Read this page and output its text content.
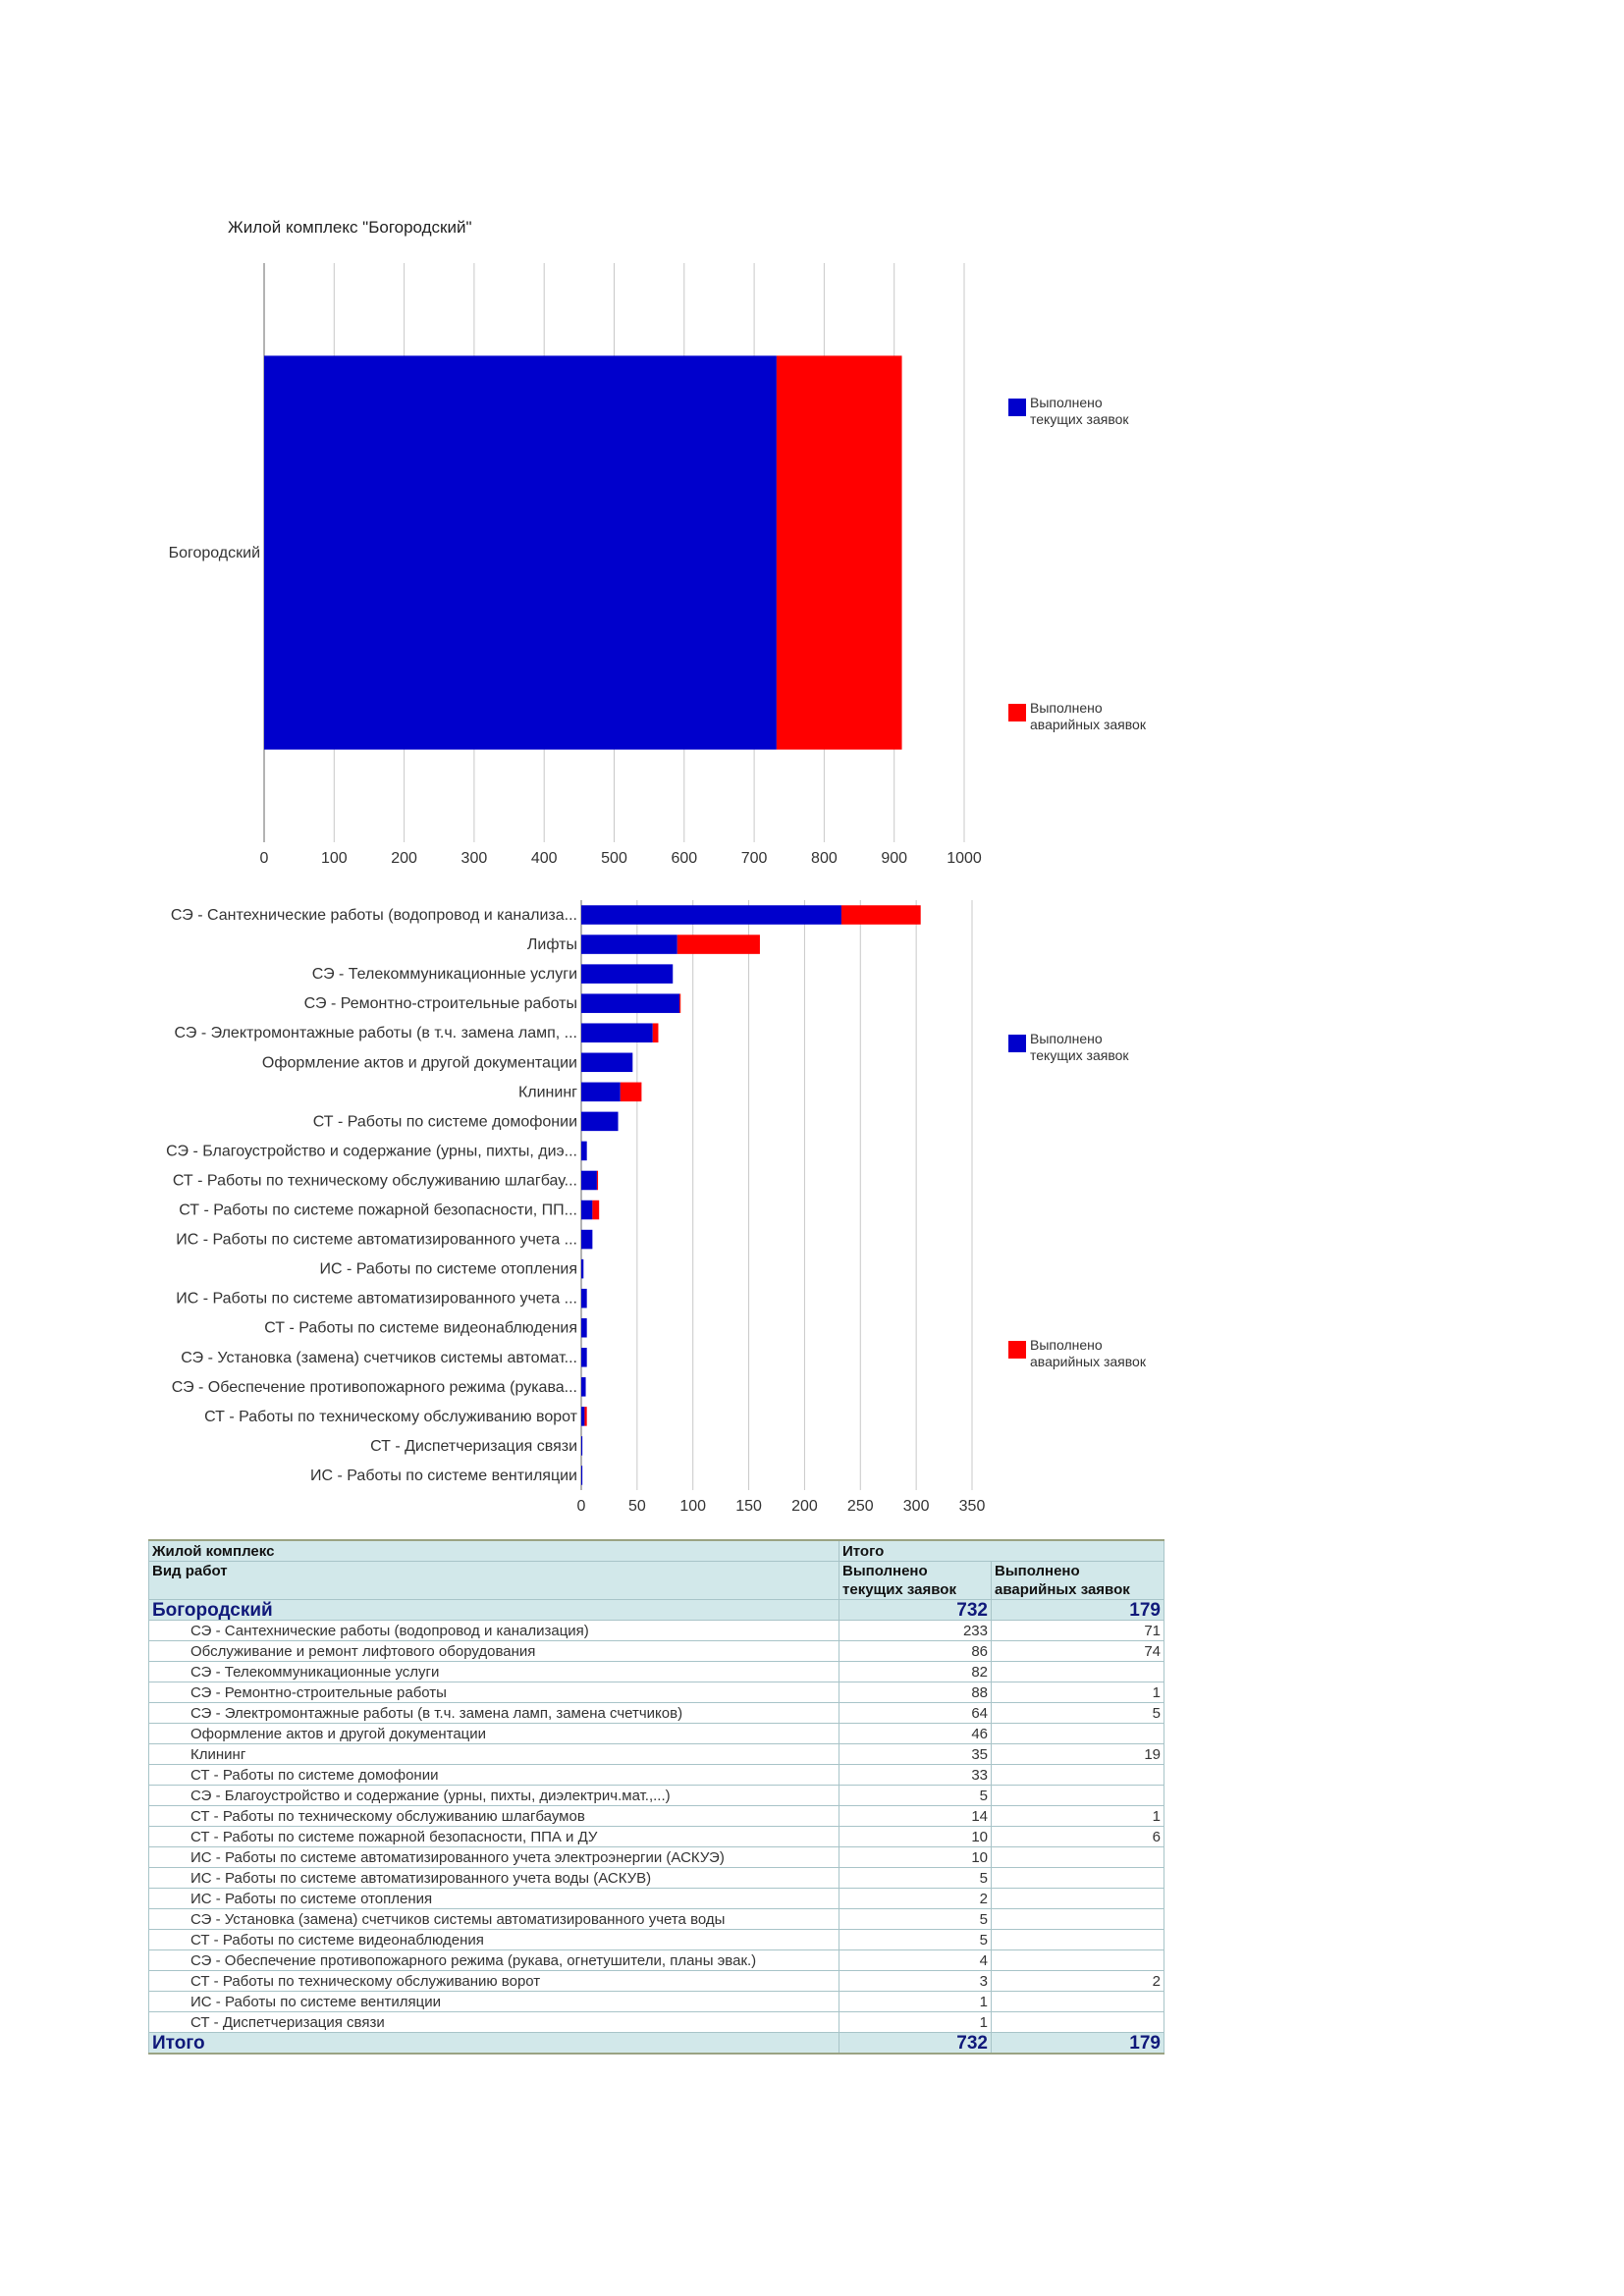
Жилой комплекс "Богородский"
0	100	200	300	400	500	600	700	800	900	1000
Богородский
Выполнено
текущих заявок
Выполнено
аварийных заявок
0	50 100 150 200 250 300 350
СЭ - Сантехнические работы (водопровод и канализа...
Лифты
СЭ - Телекоммуникационные услуги
СЭ - Ремонтно-строительные работы
СЭ - Электромонтажные работы (в т.ч. замена ламп, ...
Оформление актов и другой документации
Клининг
СТ - Работы по системе домофонии
СЭ - Благоустройство и содержание (урны, пихты, диэ...
СТ - Работы по техническому обслуживанию шлагбау...
СТ - Работы по системе пожарной безопасности, ПП...
ИС - Работы по системе автоматизированного учета ...
ИС - Работы по системе отопления
ИС - Работы по системе автоматизированного учета ...
СТ - Работы по системе видеонаблюдения
СЭ - Установка (замена) счетчиков системы автомат...
СЭ - Обеспечение противопожарного режима (рукава...
СТ - Работы по техническому обслуживанию ворот
СТ - Диспетчеризация связи
ИС - Работы по системе вентиляции
Выполнено
текущих заявок
Выполнено
аварийных заявок
Жилой комплекс	Итого	
Вид работ	Выполнено текущих заявок	Выполнено аварийных заявок
Богородский	732	179
СЭ - Сантехнические работы (водопровод и канализация)	233	71
Обслуживание и ремонт лифтового оборудования	86	74
СЭ - Телекоммуникационные услуги	82	
СЭ - Ремонтно-строительные работы	88	1
СЭ - Электромонтажные работы (в т.ч. замена ламп, замена счетчиков)	64	5
Оформление актов и другой документации	46	
Клининг	35	19
СТ - Работы по системе домофонии	33	
СЭ - Благоустройство и содержание (урны, пихты, диэлектрич.мат.,...)	5	
СТ - Работы по техническому обслуживанию шлагбаумов	14	1
СТ - Работы по системе пожарной безопасности, ППА и ДУ	10	6
ИС - Работы по системе автоматизированного учета электроэнергии (АСКУЭ)	10	
ИС - Работы по системе автоматизированного учета воды (АСКУВ)	5	
ИС - Работы по системе отопления	2	
СЭ - Установка (замена) счетчиков системы автоматизированного учета воды	5	
СТ - Работы по системе видеонаблюдения	5	
СЭ - Обеспечение противопожарного режима (рукава, огнетушители, планы эвак.)	4	
СТ - Работы по техническому обслуживанию ворот	3	2
ИС - Работы по системе вентиляции	1	
СТ - Диспетчеризация связи	1	
Итого	732	179
